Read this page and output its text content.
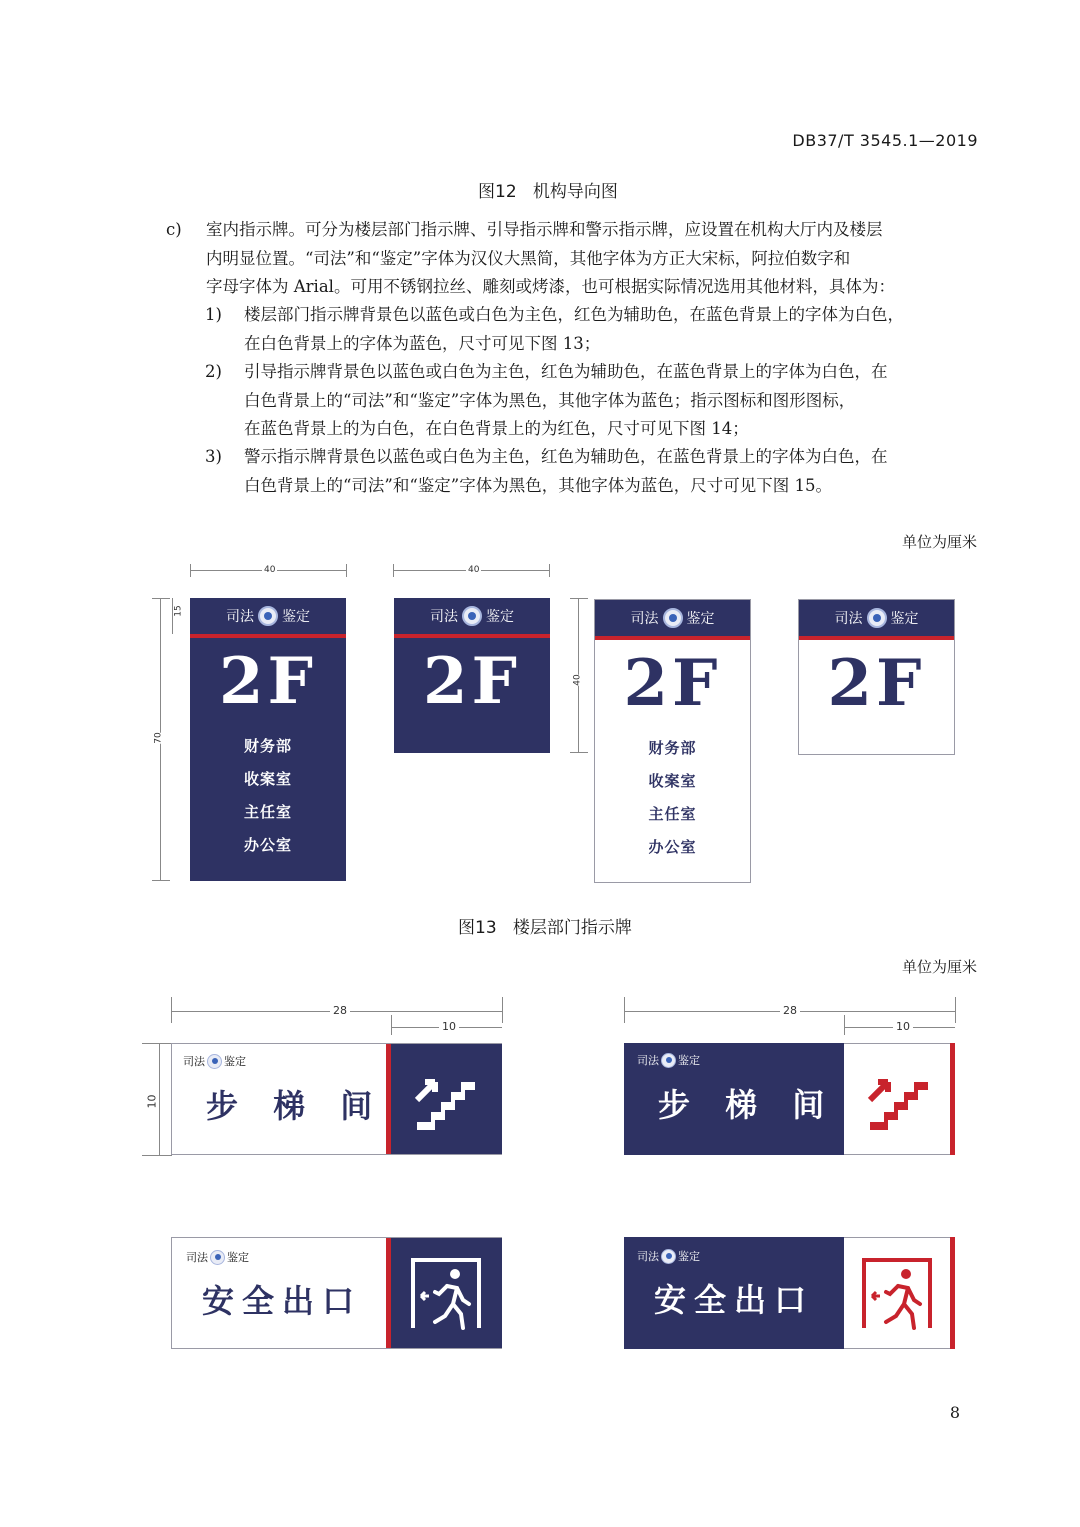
DB37/T 3545.1—2019
图12   机构导向图
c) 室内指示牌。可分为楼层部门指示牌、引导指示牌和警示指示牌，应设置在机构大厅内及楼层
内明显位置。“司法”和“鉴定”字体为汉仪大黑简，其他字体为方正大宋标，阿拉伯数字和
字母字体为 Arial。可用不锈钢拉丝、雕刻或烤漆，也可根据实际情况选用其他材料，具体为：
1) 楼层部门指示牌背景色以蓝色或白色为主色，红色为辅助色，在蓝色背景上的字体为白色，
在白色背景上的字体为蓝色，尺寸可见下图 13；
2) 引导指示牌背景色以蓝色或白色为主色，红色为辅助色，在蓝色背景上的字体为白色，在
白色背景上的“司法”和“鉴定”字体为黑色，其他字体为蓝色；指示图标和图形图标，
在蓝色背景上的为白色，在白色背景上的为红色，尺寸可见下图 14；
3) 警示指示牌背景色以蓝色或白色为主色，红色为辅助色，在蓝色背景上的字体为白色，在
白色背景上的“司法”和“鉴定”字体为黑色，其他字体为蓝色，尺寸可见下图 15。
单位为厘米
40	40
15
70
40
司法 鉴定
2F
财务部
收案室
主任室
办公室
司法 鉴定
2F
司法 鉴定
2F
财务部
收案室
主任室
办公室
司法 鉴定
2F
图13   楼层部门指示牌
单位为厘米
28
10
10
28
10
司法 鉴定
步 梯 间
司法 鉴定
步 梯 间
司法 鉴定
安全出口
司法 鉴定
安全出口
8
